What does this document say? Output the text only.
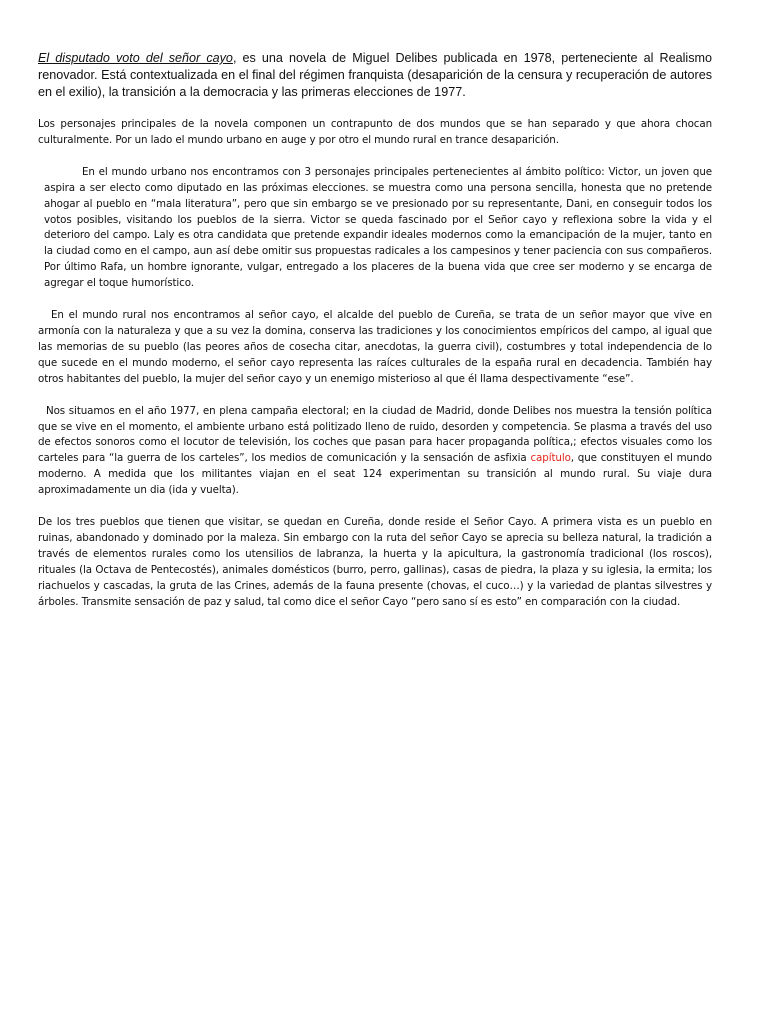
El disputado voto del señor cayo, es una novela de Miguel Delibes publicada en 1978, perteneciente al Realismo renovador. Está contextualizada en el final del régimen franquista (desaparición de la censura y recuperación de autores en el exilio), la transición a la democracia y las primeras elecciones de 1977.

Los personajes principales de la novela componen un contrapunto de dos mundos que se han separado y que ahora chocan culturalmente. Por un lado el mundo urbano en auge y por otro el mundo rural en trance desaparición.

En el mundo urbano nos encontramos con 3 personajes principales pertenecientes al ámbito político: Victor, un joven que aspira a ser electo como diputado en las próximas elecciones. se muestra como una persona sencilla, honesta que no pretende ahogar al pueblo en “mala literatura”, pero que sin embargo se ve presionado por su representante, Dani, en conseguir todos los votos posibles, visitando los pueblos de la sierra. Victor se queda fascinado por el Señor cayo y reflexiona sobre la vida y el deterioro del campo. Laly es otra candidata que pretende expandir ideales modernos como la emancipación de la mujer, tanto en la ciudad como en el campo, aun así debe omitir sus propuestas radicales a los campesinos y tener paciencia con sus compañeros. Por último Rafa, un hombre ignorante, vulgar, entregado a los placeres de la buena vida que cree ser moderno y se encarga de agregar el toque humorístico.

En el mundo rural nos encontramos al señor cayo, el alcalde del pueblo de Cureña, se trata de un señor mayor que vive en armonía con la naturaleza y que a su vez la domina, conserva las tradiciones y los conocimientos empíricos del campo, al igual que las memorias de su pueblo (las peores años de cosecha citar, anecdotas, la guerra civil), costumbres y total independencia de lo que sucede en el mundo moderno, el señor cayo representa las raíces culturales de la españa rural en decadencia. También hay otros habitantes del pueblo, la mujer del señor cayo y un enemigo misterioso al que él llama despectivamente “ese”.

Nos situamos en el año 1977, en plena campaña electoral; en la ciudad de Madrid, donde Delibes nos muestra la tensión política que se vive en el momento, el ambiente urbano está politizado lleno de ruido, desorden y competencia. Se plasma a través del uso de efectos sonoros como el locutor de televisión, los coches que pasan para hacer propaganda política,; efectos visuales como los carteles para “la guerra de los carteles”, los medios de comunicación y la sensación de asfixia capítulo, que constituyen el mundo moderno. A medida que los militantes viajan en el seat 124 experimentan su transición al mundo rural. Su viaje dura aproximadamente un dia (ida y vuelta).

De los tres pueblos que tienen que visitar, se quedan en Cureña, donde reside el Señor Cayo. A primera vista es un pueblo en ruinas, abandonado y dominado por la maleza. Sin embargo con la ruta del señor Cayo se aprecia su belleza natural, la tradición a través de elementos rurales como los utensilios de labranza, la huerta y la apicultura, la gastronomía tradicional (los roscos), rituales (la Octava de Pentecostés), animales domésticos (burro, perro, gallinas), casas de piedra, la plaza y su iglesia, la ermita; los riachuelos y cascadas, la gruta de las Crines, además de la fauna presente (chovas, el cuco…) y la variedad de plantas silvestres y árboles. Transmite sensación de paz y salud, tal como dice el señor Cayo “pero sano sí es esto” en comparación con la ciudad.
